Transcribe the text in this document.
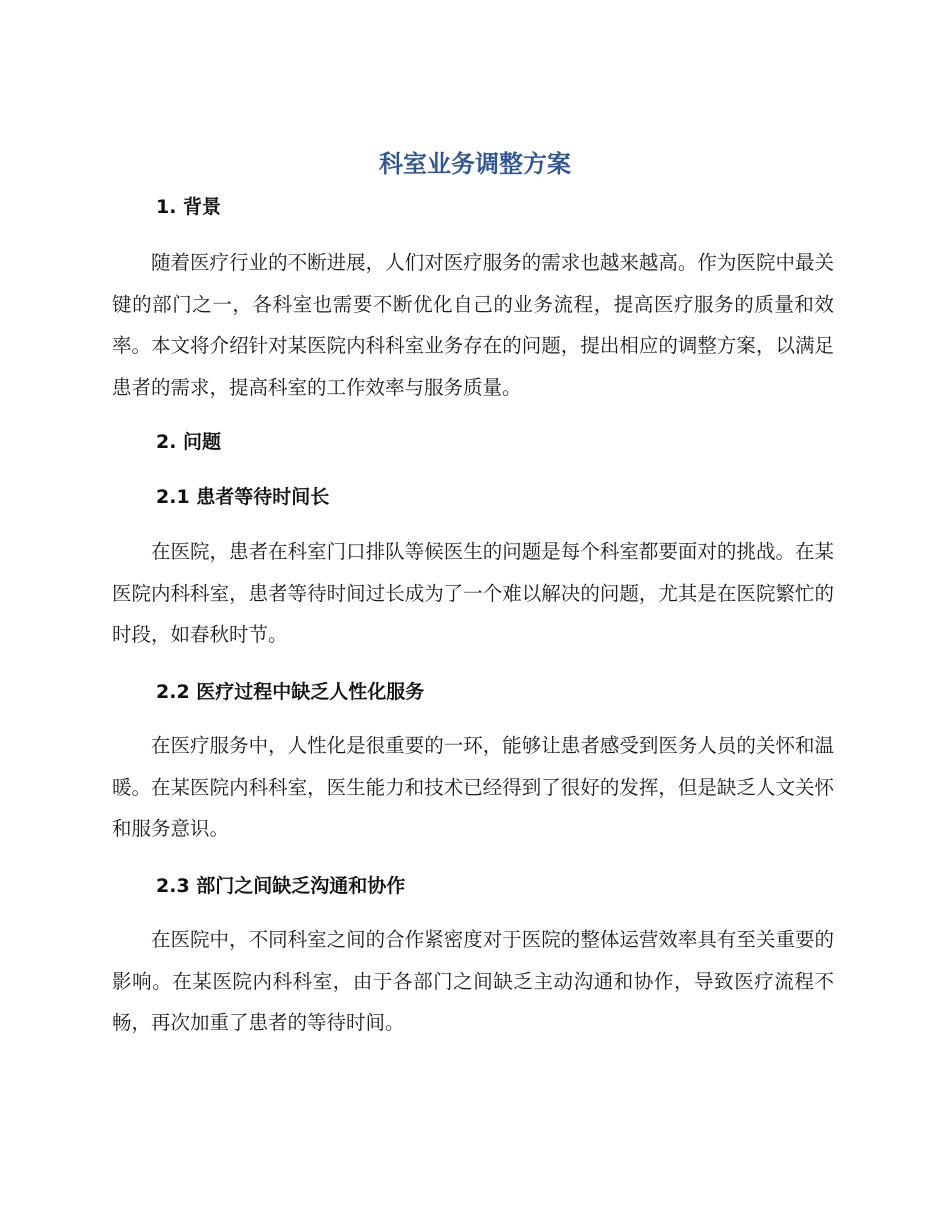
科室业务调整方案
1. 背景

随着医疗行业的不断进展，人们对医疗服务的需求也越来越高。作为医院中最关键的部门之一，各科室也需要不断优化自己的业务流程，提高医疗服务的质量和效率。本文将介绍针对某医院内科科室业务存在的问题，提出相应的调整方案，以满足患者的需求，提高科室的工作效率与服务质量。

2. 问题
2.1 患者等待时间长

在医院，患者在科室门口排队等候医生的问题是每个科室都要面对的挑战。在某医院内科科室，患者等待时间过长成为了一个难以解决的问题，尤其是在医院繁忙的时段，如春秋时节。

2.2 医疗过程中缺乏人性化服务

在医疗服务中，人性化是很重要的一环，能够让患者感受到医务人员的关怀和温暖。在某医院内科科室，医生能力和技术已经得到了很好的发挥，但是缺乏人文关怀和服务意识。

2.3 部门之间缺乏沟通和协作

在医院中，不同科室之间的合作紧密度对于医院的整体运营效率具有至关重要的影响。在某医院内科科室，由于各部门之间缺乏主动沟通和协作，导致医疗流程不畅，再次加重了患者的等待时间。
